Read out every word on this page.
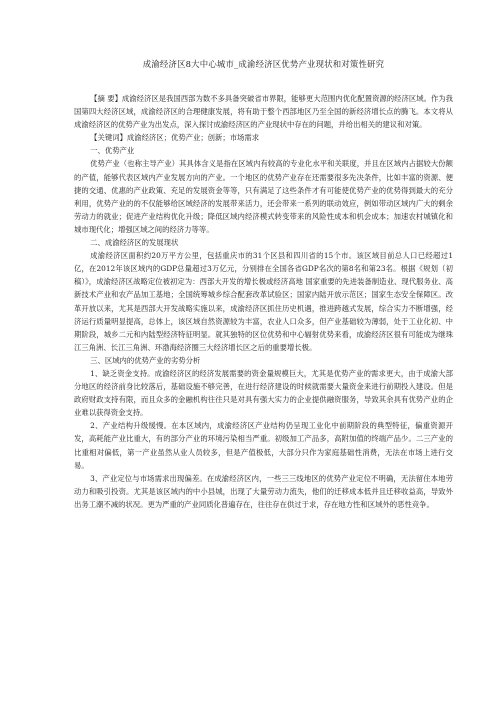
成渝经济区8大中心城市_成渝经济区优势产业现状和对策性研究

【摘 要】成渝经济区是我国西部为数不多具备突破省市界限，能够更大范围内优化配置资源的经济区域。作为我国第四大经济区域，成渝经济区的合理健康发展，将有助于整个西部地区乃至全国的新经济增长点的腾飞。本文将从成渝经济区的优势产业为出发点，深入探讨成渝经济区的产业现状中存在的问题，并给出相关的建议和对策。

【关键词】成渝经济区；优势产业；创新；市场需求

一、优势产业

优势产业（也称主导产业）其具体含义是指在区域内有较高的专业化水平和关联度，并且在区域内占据较大份额的产值，能够代表区域内产业发展方向的产业。一个地区的优势产业存在还需要很多先决条件，比如丰富的资源、便捷的交通、优惠的产业政策、充足的发展资金等等，只有满足了这些条件才有可能使优势产业的优势得到最大的充分利用，优势产业的的不仅能够给区域经济的发展带来活力，还会带来一系列的联动效应，例如带动区域内广大的剩余劳动力的就业；促进产业结构优化升级；降低区域内经济模式转变带来的风险性成本和机会成本；加速农村城镇化和城市现代化；增强区域之间的经济力等等。

二、成渝经济区的发展现状

成渝经济区面积约20万平方公里，包括重庆市的31个区县和四川省的15个市。该区域目前总人口已经超过1亿，在2012年该区域内的GDP总量超过3万亿元，分别排在全国各省GDP名次的第8名和第23名。根据《规划（初稿）》，成渝经济区战略定位被初定为：西部大开发的增长极或经济高地 国家重要的先进装备制造业、现代服务业、高新技术产业和农产品加工基地；全国统筹城乡综合配套改革试验区；国家内陆开放示范区；国家生态安全保障区。改革开放以来，尤其是西部大开发战略实施以来，成渝经济区抓住历史机遇，推进跨越式发展，综合实力不断增强，经济运行质量明显提高，总体上，该区域自然资源较为丰富，农业人口众多，但产业基础较为薄弱，处于工业化初、中期阶段，城乡二元和内陆型经济特征明显。就其独特的区位优势和中心辐射优势来看，成渝经济区很有可能成为继珠江三角洲、长江三角洲、环渤海经济圈三大经济增长区之后的重要增长极。

三、区域内的优势产业的劣势分析

1、缺乏资金支持。成渝经济区的经济发展需要的资金量规模巨大，尤其是优势产业的需求更大，由于成渝大部分地区的经济前身比较落后，基础设施不够完善，在进行经济建设的时候就需要大量资金来进行前期投入建设。但是政府财政支持有限，而且众多的金融机构往往只是对具有强大实力的企业提供融资服务，导致其余具有优势产业的企业难以获得资金支持。

2、产业结构升级缓慢。在本区域内，成渝经济区产业结构仍呈现工业化中前期阶段的典型特征，偏重资源开发，高耗能产业比重大，有的部分产业的环境污染相当严重。初级加工产品多，高附加值的终端产品少。二三产业的比重相对偏低，第一产业虽然从业人员较多，但是产值极低，大部分只作为家庭基础性消费，无法在市场上进行交易。

3、产业定位与市场需求出现偏差。在成渝经济区内，一些三三线地区的优势产业定位不明确，无法留住本地劳动力和吸引投资。尤其是该区域内的中小县城，出现了大量劳动力流失，他们的迁移成本低并且迁移收益高，导致外出务工潮不减的状况。更为严重的产业同质化普遍存在，往往存在供过于求，存在地方性和区域外的恶性竞争。
